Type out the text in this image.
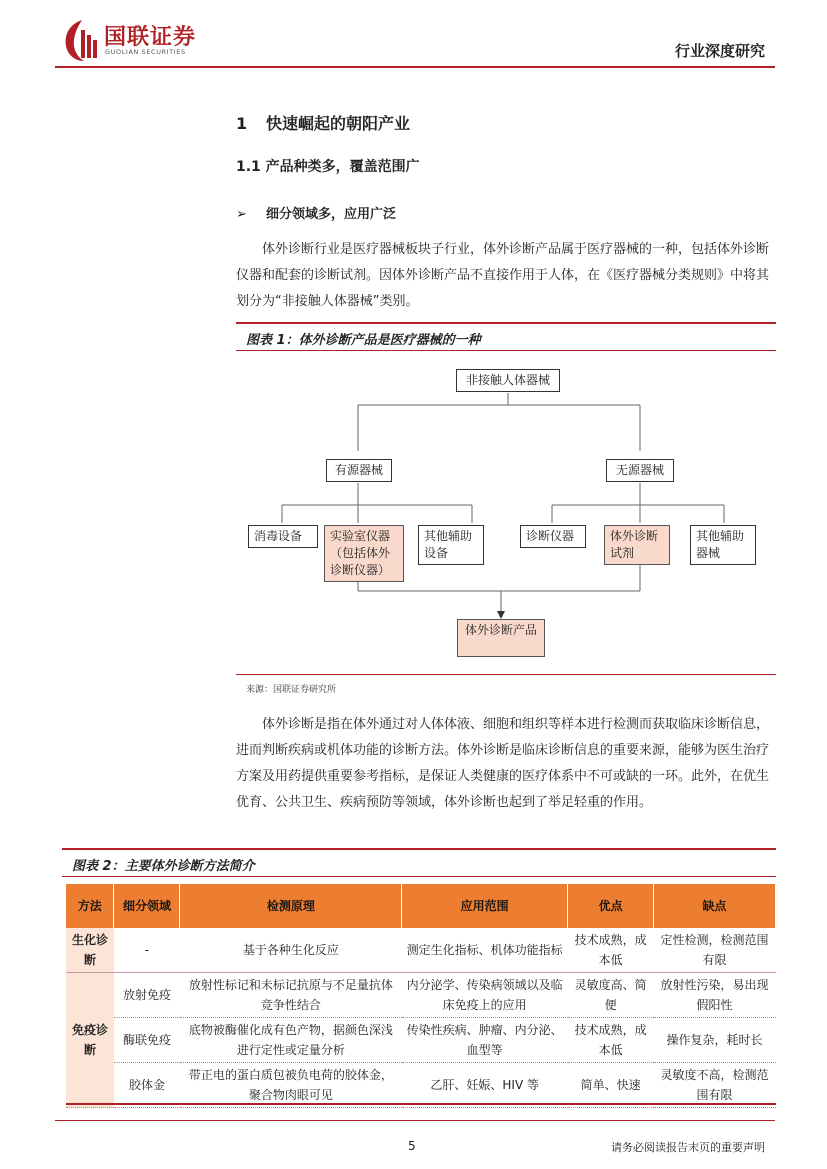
国联证券
GUOLIAN SECURITIES	行业深度研究
1 快速崛起的朝阳产业
1.1 产品种类多，覆盖范围广
➢ 细分领域多，应用广泛

体外诊断行业是医疗器械板块子行业，体外诊断产品属于医疗器械的一种，包括体外诊断仪器和配套的诊断试剂。因体外诊断产品不直接作用于人体，在《医疗器械分类规则》中将其划分为“非接触人体器械”类别。

图表 1：体外诊断产品是医疗器械的一种
非接触人体器械
有源器械	无源器械
消毒设备	实验室仪器（包括体外诊断仪器）
其他辅助设备
诊断仪器	体外诊断试剂
其他辅助器械
体外诊断产品
来源：国联证券研究所

体外诊断是指在体外通过对人体体液、细胞和组织等样本进行检测而获取临床诊断信息，进而判断疾病或机体功能的诊断方法。体外诊断是临床诊断信息的重要来源，能够为医生治疗方案及用药提供重要参考指标，是保证人类健康的医疗体系中不可或缺的一环。此外，在优生优育、公共卫生、疾病预防等领域，体外诊断也起到了举足轻重的作用。

图表 2：主要体外诊断方法简介
方法	细分领域	检测原理	应用范围	优点	缺点
生化诊断	-	基于各种生化反应	测定生化指标、机体功能指标	技术成熟，成本低	定性检测，检测范围有限
免疫诊断	放射免疫	放射性标记和未标记抗原与不足量抗体竞争性结合	内分泌学、传染病领域以及临床免疫上的应用	灵敏度高、简便	放射性污染，易出现假阳性
	酶联免疫	底物被酶催化成有色产物，据颜色深浅进行定性或定量分析	传染性疾病、肿瘤、内分泌、血型等	技术成熟，成本低	操作复杂，耗时长
	胶体金	带正电的蛋白质包被负电荷的胶体金，聚合物肉眼可见	乙肝、妊娠、HIV 等	简单、快速	灵敏度不高，检测范围有限
5	请务必阅读报告末页的重要声明
